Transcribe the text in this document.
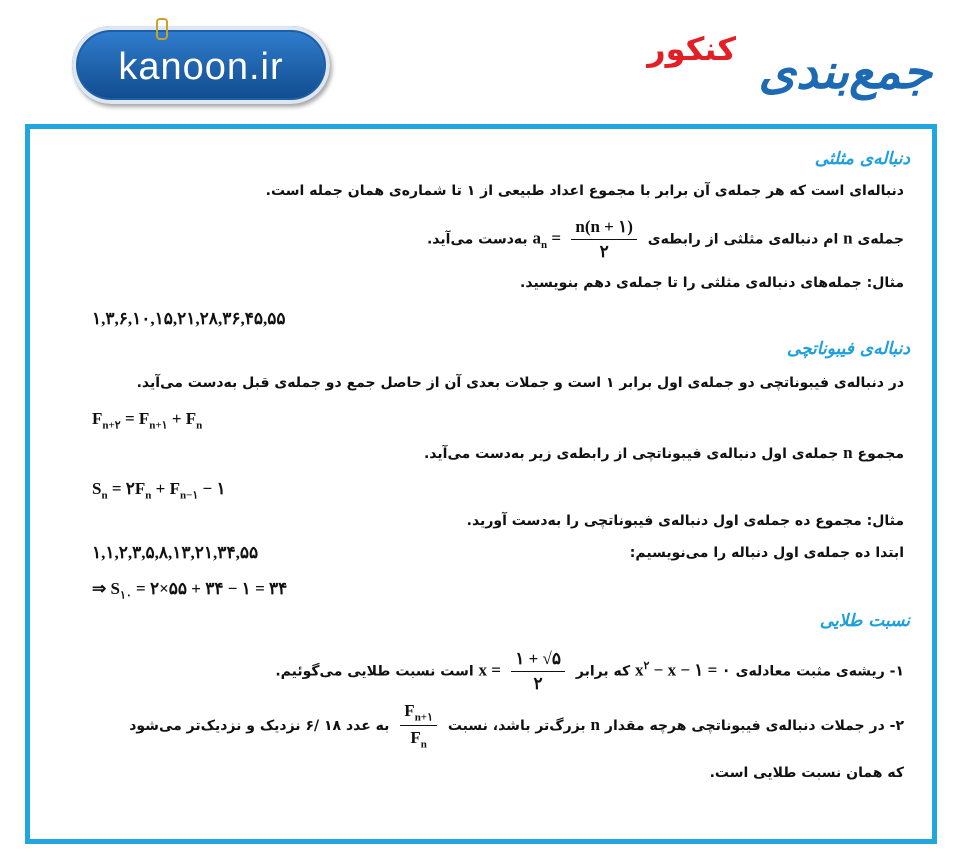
kanoon.ir	کنکور جمع‌بندی
دنباله‌ی مثلثی
دنباله‌ای است که هر جمله‌ی آن برابر با مجموع اعداد طبیعی از ۱ تا شماره‌ی همان جمله است.
جمله‌ی n ام دنباله‌ی مثلثی از رابطه‌ی $a_n = \frac{n(n + ۱)}{۲}$
به‌دست می‌آید.
مثال: جمله‌های دنباله‌ی مثلثی را تا جمله‌ی دهم بنویسید.
۱,۳,۶,۱۰,۱۵,۲۱,۲۸,۳۶,۴۵,۵۵
دنباله‌ی فیبوناتچی
در دنباله‌ی فیبوناتچی دو جمله‌ی اول برابر ۱ است و جملات بعدی آن از حاصل جمع دو جمله‌ی قبل به‌دست می‌آید.
$F_{n+۲} = F_{n+۱} + F_n$
مجموع n جمله‌ی اول دنباله‌ی فیبوناتچی از رابطه‌ی زیر به‌دست می‌آید.
$S_n$ = $۲F_n + F_{n-۱}$ − ۱
مثال: مجموع ده جمله‌ی اول دنباله‌ی فیبوناتچی را به‌دست آورید.
ابتدا ده جمله‌ی اول دنباله را می‌نویسیم:
۱,۱,۲,۳,۵,۸,۱۳,۲۱,۳۴,۵۵
⇒ $S_{۱۰}$ = ۲×۵۵ + ۳۴ − ۱ = ۳۴
نسبت طلایی
۱- ریشه‌ی مثبت معادله‌ی $x^۲ - x$ − ۱ = ۰ که برابر $x = \frac{۱ + √۵}{۲}$
است نسبت طلایی می‌گوئیم.
۲- در جملات دنباله‌ی فیبوناتچی هرچه مقدار n بزرگ‌تر باشد، نسبت
$\frac{F_{n+۱}}{F_n}$
به عدد ۱۸ /۶ نزدیک و نزدیک‌تر می‌شود
که همان نسبت طلایی است.
